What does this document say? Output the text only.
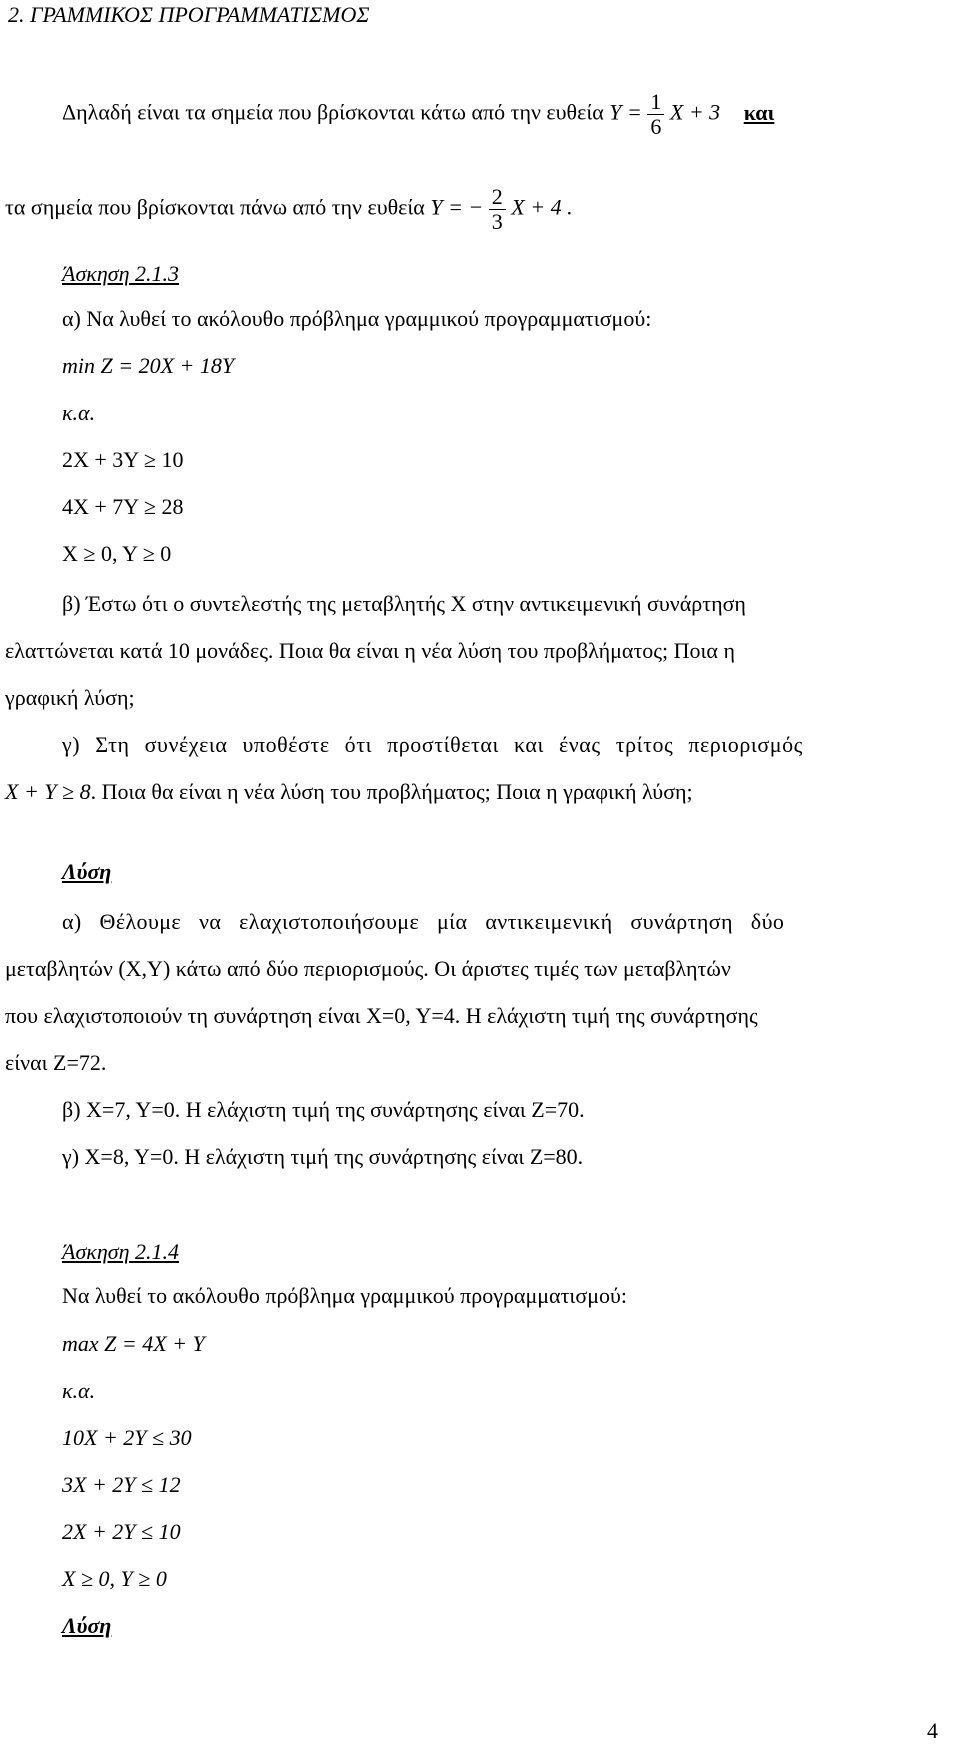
2. ΓΡΑΜΜΙΚΟΣ ΠΡΟΓΡΑΜΜΑΤΙΣΜΟΣ
Δηλαδή είναι τα σημεία που βρίσκονται κάτω από την ευθεία $Y = \frac{1}{6}$ X + 3 και
τα σημεία που βρίσκονται πάνω από την ευθεία Y = − $\frac{2}{3}$ X + 4 .
Άσκηση 2.1.3
α) Να λυθεί το ακόλουθο πρόβλημα γραμμικού προγραμματισμού:
min Z = 20X + 18Y
κ.α.
2X + 3Y ≥ 10
4X + 7Y ≥ 28
X ≥ 0, Y ≥ 0
β) Έστω ότι ο συντελεστής της μεταβλητής X στην αντικειμενική συνάρτηση
ελαττώνεται κατά 10 μονάδες. Ποια θα είναι η νέα λύση του προβλήματος; Ποια η
γραφική λύση;
γ) Στη συνέχεια υποθέστε ότι προστίθεται και ένας τρίτος περιορισμός
X + Y ≥ 8. Ποια θα είναι η νέα λύση του προβλήματος; Ποια η γραφική λύση;
Λύση
α) Θέλουμε να ελαχιστοποιήσουμε μία αντικειμενική συνάρτηση δύο
μεταβλητών (X,Y) κάτω από δύο περιορισμούς. Οι άριστες τιμές των μεταβλητών
που ελαχιστοποιούν τη συνάρτηση είναι X=0, Y=4. Η ελάχιστη τιμή της συνάρτησης
είναι Z=72.
β) X=7, Y=0. Η ελάχιστη τιμή της συνάρτησης είναι Z=70.
γ) X=8, Y=0. Η ελάχιστη τιμή της συνάρτησης είναι Z=80.
Άσκηση 2.1.4
Να λυθεί το ακόλουθο πρόβλημα γραμμικού προγραμματισμού:
max Z = 4X + Y
κ.α.
10X + 2Y ≤ 30
3X + 2Y ≤ 12
2X + 2Y ≤ 10
X ≥ 0, Y ≥ 0
Λύση
4
